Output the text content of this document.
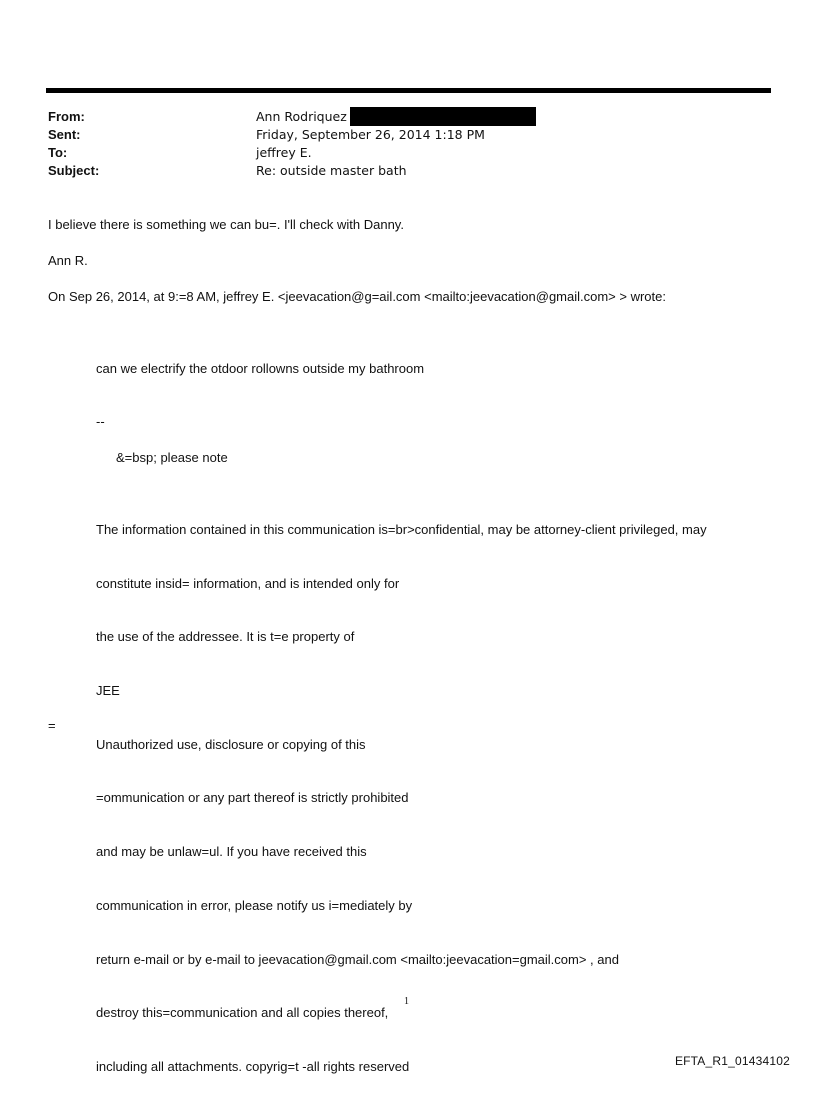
From:	Ann Rodriquez
Sent:	Friday, September 26, 2014 1:18 PM
To:	jeffrey E.
Subject:	Re: outside master bath
I believe there is something we can bu=. I'll check with Danny.
Ann R.
On Sep 26, 2014, at 9:=8 AM, jeffrey E. <jeevacation@g=ail.com <mailto:jeevacation@gmail.com> > wrote:
can we electrify the otdoor rollowns outside my bathroom
--
&=bsp; please note

The information contained in this communication is=br>confidential, may be attorney-client privileged, may

constitute insid= information, and is intended only for

the use of the addressee. It is t=e property of

JEE

Unauthorized use, disclosure or copying of this

=ommunication or any part thereof is strictly prohibited

and may be unlaw=ul. If you have received this

communication in error, please notify us i=mediately by

return e-mail or by e-mail to jeevacation@gmail.com <mailto:jeevacation=gmail.com> , and

destroy this=communication and all copies thereof,

including all attachments. copyrig=t -all rights reserved

=
1
EFTA_R1_01434102
